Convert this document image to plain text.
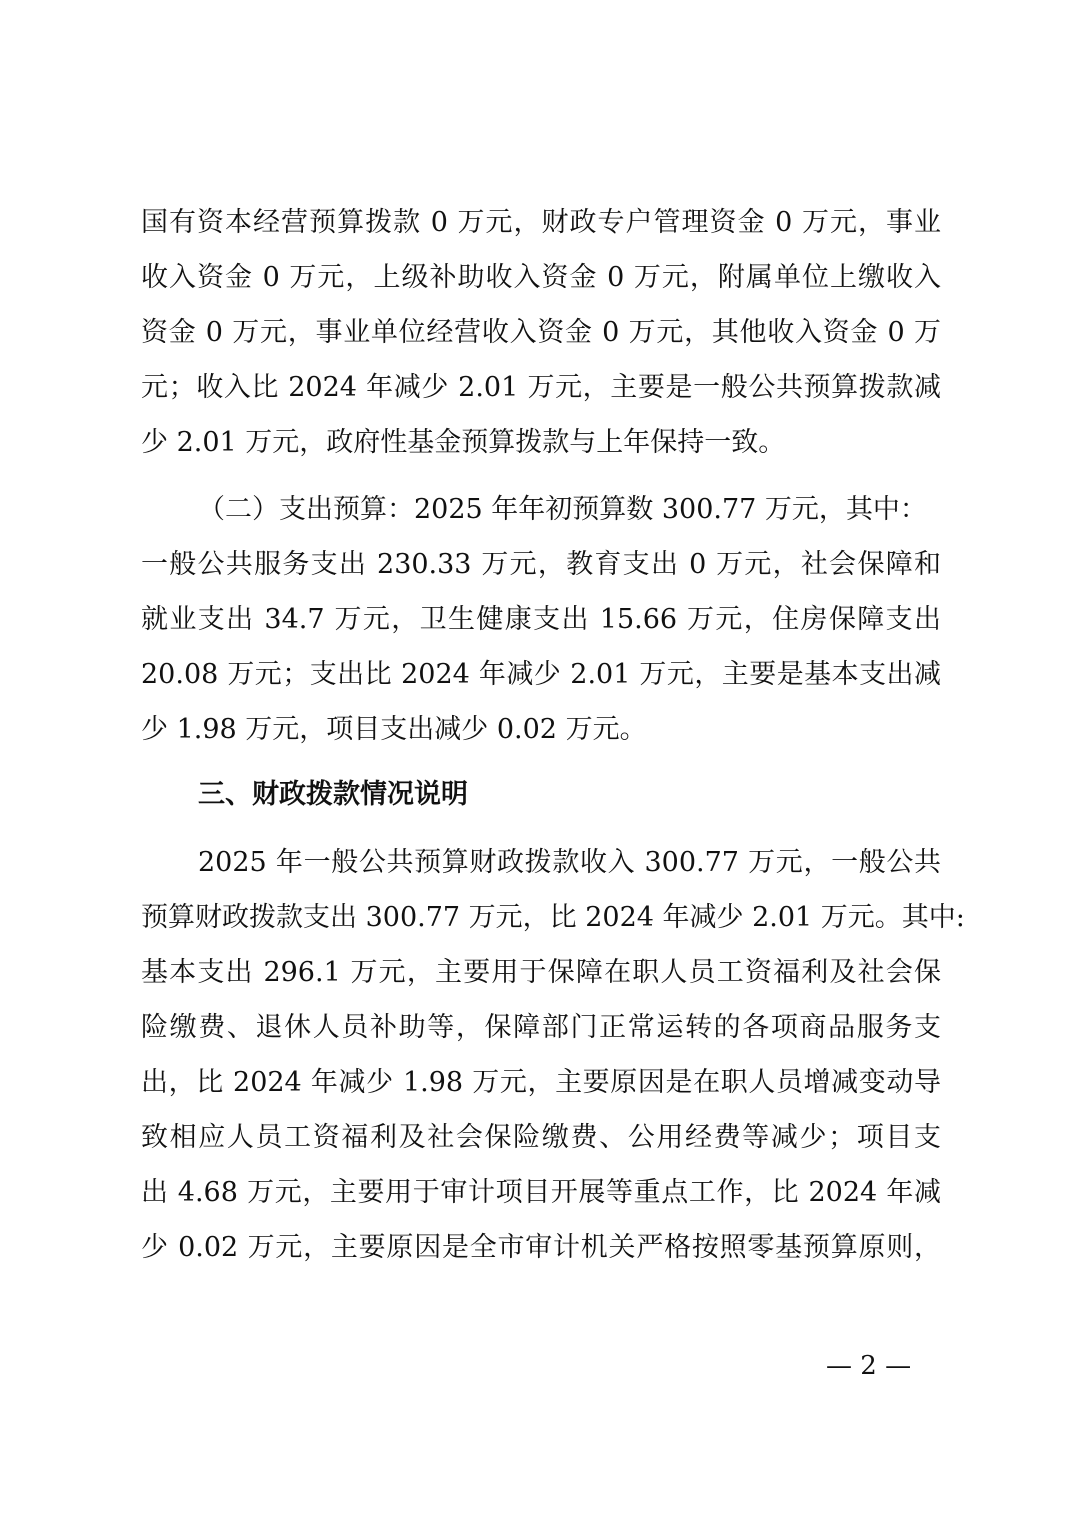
国有资本经营预算拨款 0 万元，财政专户管理资金 0 万元，事业
收入资金 0 万元，上级补助收入资金 0 万元，附属单位上缴收入
资金 0 万元，事业单位经营收入资金 0 万元，其他收入资金 0 万
元；收入比 2024 年减少 2.01 万元，主要是一般公共预算拨款减
少 2.01 万元，政府性基金预算拨款与上年保持一致。
（二）支出预算：2025 年年初预算数 300.77 万元，其中：
一般公共服务支出 230.33 万元，教育支出 0 万元，社会保障和
就业支出 34.7 万元，卫生健康支出 15.66 万元，住房保障支出
20.08 万元；支出比 2024 年减少 2.01 万元，主要是基本支出减
少 1.98 万元，项目支出减少 0.02 万元。
三、财政拨款情况说明
2025 年一般公共预算财政拨款收入 300.77 万元，一般公共
预算财政拨款支出 300.77 万元，比 2024 年减少 2.01 万元。其中:
基本支出 296.1 万元，主要用于保障在职人员工资福利及社会保
险缴费、退休人员补助等，保障部门正常运转的各项商品服务支
出，比 2024 年减少 1.98 万元，主要原因是在职人员增减变动导
致相应人员工资福利及社会保险缴费、公用经费等减少；项目支
出 4.68 万元，主要用于审计项目开展等重点工作，比 2024 年减
少 0.02 万元，主要原因是全市审计机关严格按照零基预算原则，
— 2 —
